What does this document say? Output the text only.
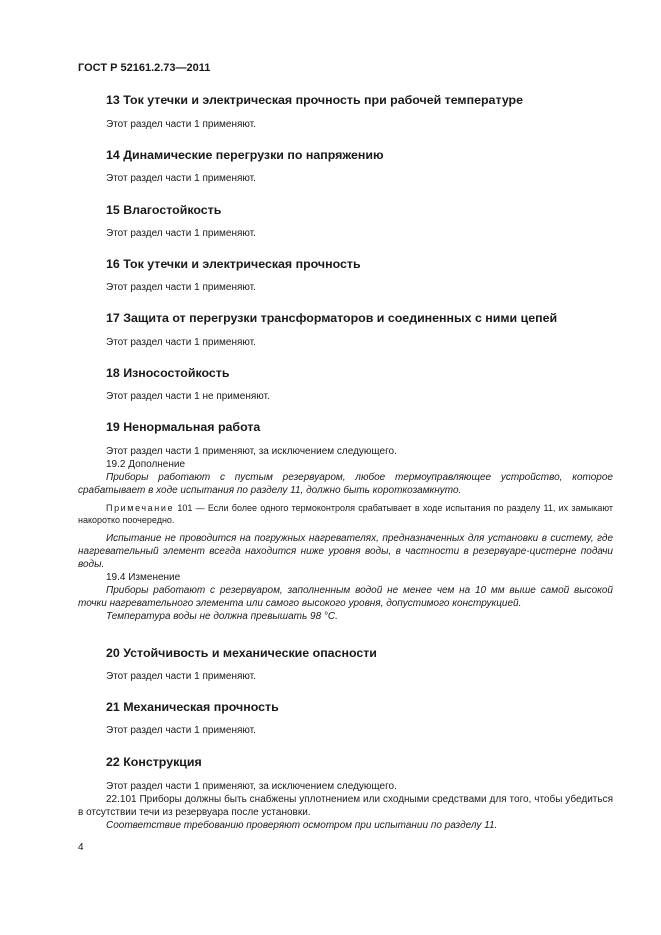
ГОСТ Р 52161.2.73—2011
13 Ток утечки и электрическая прочность при рабочей температуре
Этот раздел части 1 применяют.
14 Динамические перегрузки по напряжению
Этот раздел части 1 применяют.
15 Влагостойкость
Этот раздел части 1 применяют.
16 Ток утечки и электрическая прочность
Этот раздел части 1 применяют.
17 Защита от перегрузки трансформаторов и соединенных с ними цепей
Этот раздел части 1 применяют.
18 Износостойкость
Этот раздел части 1 не применяют.
19 Ненормальная работа

Этот раздел части 1 применяют, за исключением следующего.

19.2 Дополнение

Приборы работают с пустым резервуаром, любое термоуправляющее устройство, которое срабатывает в ходе испытания по разделу 11, должно быть короткозамкнуто.

Примечание 101 — Если более одного термоконтроля срабатывает в ходе испытания по разделу 11, их замыкают накоротко поочередно.

Испытание не проводится на погружных нагревателях, предназначенных для установки в систему, где нагревательный элемент всегда находится ниже уровня воды, в частности в резервуаре-цистерне подачи воды.

19.4 Изменение

Приборы работают с резервуаром, заполненным водой не менее чем на 10 мм выше самой высокой точки нагревательного элемента или самого высокого уровня, допустимого конструкцией.

Температура воды не должна превышать 98 °С.

20 Устойчивость и механические опасности
Этот раздел части 1 применяют.
21 Механическая прочность
Этот раздел части 1 применяют.
22 Конструкция

Этот раздел части 1 применяют, за исключением следующего.

22.101 Приборы должны быть снабжены уплотнением или сходными средствами для того, чтобы убедиться в отсутствии течи из резервуара после установки.

Соответствие требованию проверяют осмотром при испытании по разделу 11.

4
